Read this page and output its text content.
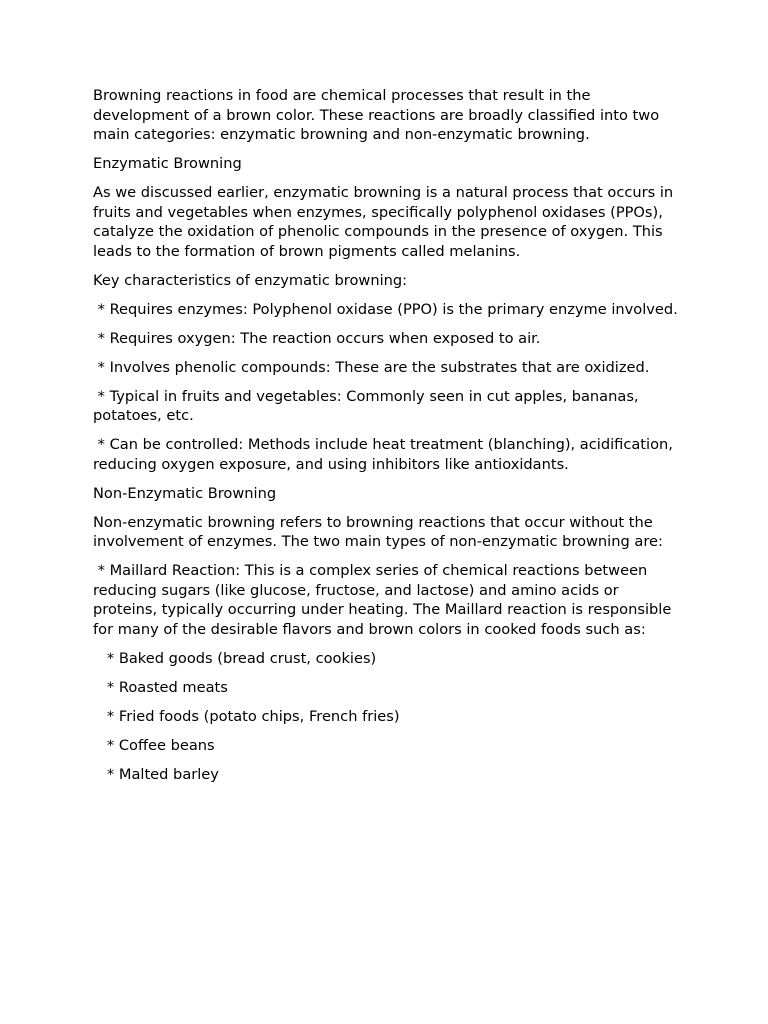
Browning reactions in food are chemical processes that result in the development of a brown color. These reactions are broadly classified into two main categories: enzymatic browning and non-enzymatic browning.

Enzymatic Browning

As we discussed earlier, enzymatic browning is a natural process that occurs in fruits and vegetables when enzymes, specifically polyphenol oxidases (PPOs), catalyze the oxidation of phenolic compounds in the presence of oxygen. This leads to the formation of brown pigments called melanins.

Key characteristics of enzymatic browning:

* Requires enzymes: Polyphenol oxidase (PPO) is the primary enzyme involved.

* Requires oxygen: The reaction occurs when exposed to air.

* Involves phenolic compounds: These are the substrates that are oxidized.

* Typical in fruits and vegetables: Commonly seen in cut apples, bananas, potatoes, etc.

* Can be controlled: Methods include heat treatment (blanching), acidification, reducing oxygen exposure, and using inhibitors like antioxidants.

Non-Enzymatic Browning

Non-enzymatic browning refers to browning reactions that occur without the involvement of enzymes. The two main types of non-enzymatic browning are:

* Maillard Reaction: This is a complex series of chemical reactions between reducing sugars (like glucose, fructose, and lactose) and amino acids or proteins, typically occurring under heating. The Maillard reaction is responsible for many of the desirable flavors and brown colors in cooked foods such as:

* Baked goods (bread crust, cookies)

* Roasted meats

* Fried foods (potato chips, French fries)

* Coffee beans

* Malted barley
